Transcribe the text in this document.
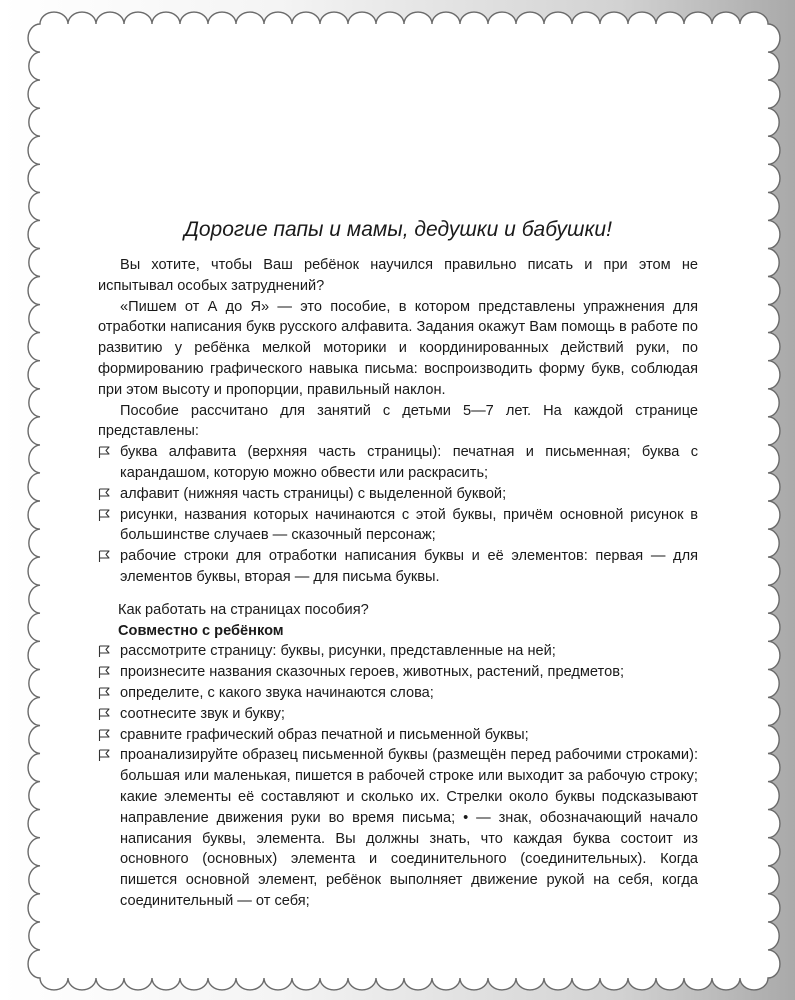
Дорогие папы и мамы, дедушки и бабушки!
Вы хотите, чтобы Ваш ребёнок научился правильно писать и при этом не испытывал особых затруднений?
«Пишем от А до Я» — это пособие, в котором представлены упражнения для отработки написания букв русского алфавита. Задания окажут Вам помощь в работе по развитию у ребёнка мелкой моторики и координированных действий руки, по формированию графического навыка письма: воспроизводить форму букв, соблюдая при этом высоту и пропорции, правильный наклон.
Пособие рассчитано для занятий с детьми 5—7 лет. На каждой странице представлены:
буква алфавита (верхняя часть страницы): печатная и письменная; буква с карандашом, которую можно обвести или раскрасить;
алфавит (нижняя часть страницы) с выделенной буквой;
рисунки, названия которых начинаются с этой буквы, причём основной рисунок в большинстве случаев — сказочный персонаж;
рабочие строки для отработки написания буквы и её элементов: первая — для элементов буквы, вторая — для письма буквы.
Как работать на страницах пособия?
Совместно с ребёнком
рассмотрите страницу: буквы, рисунки, представленные на ней;
произнесите названия сказочных героев, животных, растений, предметов;
определите, с какого звука начинаются слова;
соотнесите звук и букву;
сравните графический образ печатной и письменной буквы;
проанализируйте образец письменной буквы (размещён перед рабочими строками): большая или маленькая, пишется в рабочей строке или выходит за рабочую строку; какие элементы её составляют и сколько их. Стрелки около буквы подсказывают направление движения руки во время письма; • — знак, обозначающий начало написания буквы, элемента. Вы должны знать, что каждая буква состоит из основного (основных) элемента и соединительного (соединительных). Когда пишется основной элемент, ребёнок выполняет движение рукой на себя, когда соединительный — от себя;
